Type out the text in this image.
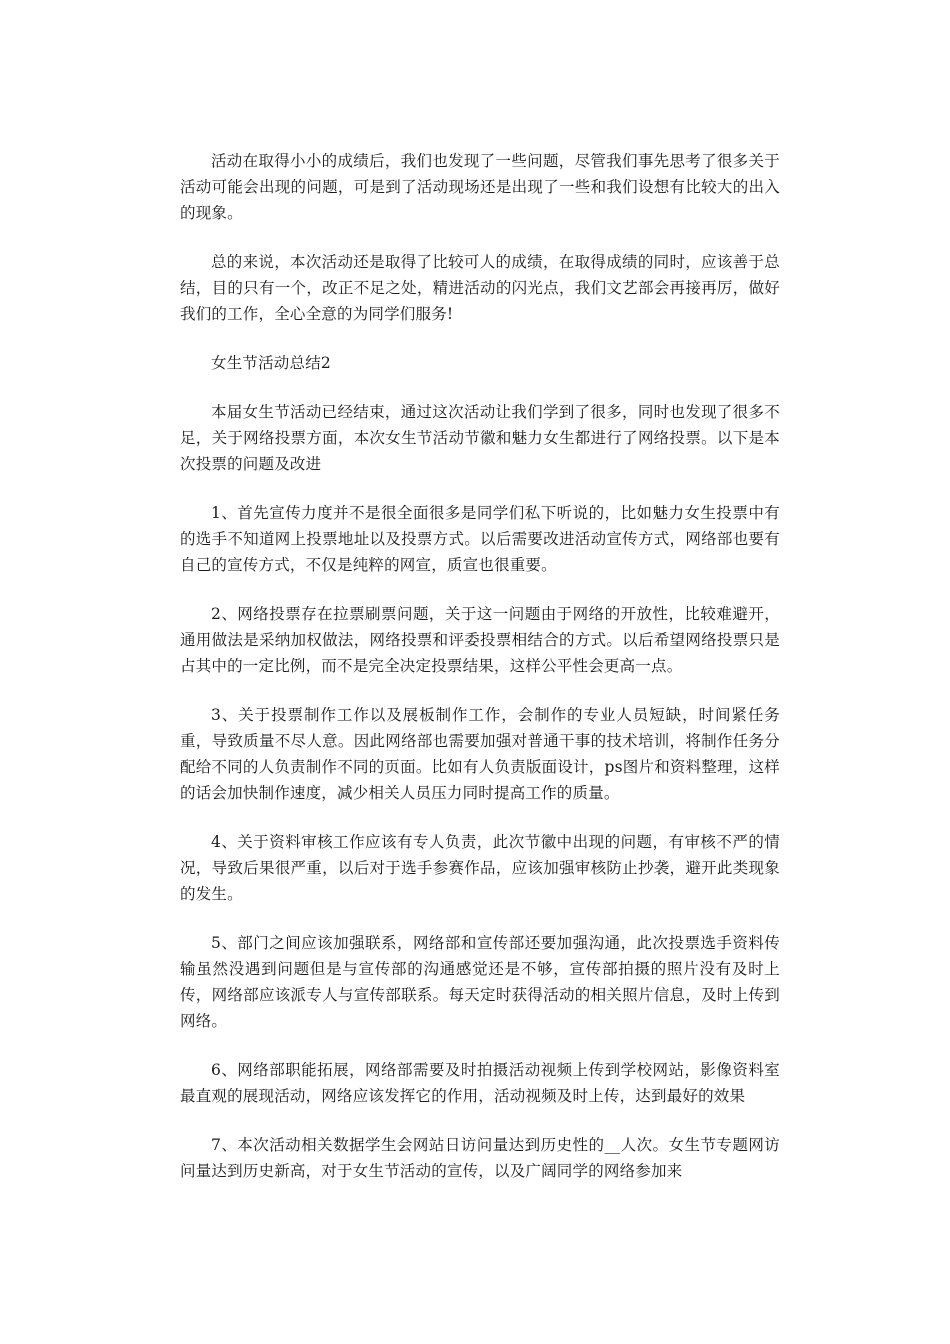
活动在取得小小的成绩后，我们也发现了一些问题，尽管我们事先思考了很多关于活动可能会出现的问题，可是到了活动现场还是出现了一些和我们设想有比较大的出入的现象。

总的来说，本次活动还是取得了比较可人的成绩，在取得成绩的同时，应该善于总结，目的只有一个，改正不足之处，精进活动的闪光点，我们文艺部会再接再厉，做好我们的工作，全心全意的为同学们服务!

女生节活动总结2

本届女生节活动已经结束，通过这次活动让我们学到了很多，同时也发现了很多不足，关于网络投票方面，本次女生节活动节徽和魅力女生都进行了网络投票。以下是本次投票的问题及改进

1、首先宣传力度并不是很全面很多是同学们私下听说的，比如魅力女生投票中有的选手不知道网上投票地址以及投票方式。以后需要改进活动宣传方式，网络部也要有自己的宣传方式，不仅是纯粹的网宣，质宣也很重要。

2、网络投票存在拉票刷票问题，关于这一问题由于网络的开放性，比较难避开，通用做法是采纳加权做法，网络投票和评委投票相结合的方式。以后希望网络投票只是占其中的一定比例，而不是完全决定投票结果，这样公平性会更高一点。

3、关于投票制作工作以及展板制作工作，会制作的专业人员短缺，时间紧任务重，导致质量不尽人意。因此网络部也需要加强对普通干事的技术培训，将制作任务分配给不同的人负责制作不同的页面。比如有人负责版面设计，ps图片和资料整理，这样的话会加快制作速度，减少相关人员压力同时提高工作的质量。

4、关于资料审核工作应该有专人负责，此次节徽中出现的问题，有审核不严的情况，导致后果很严重，以后对于选手参赛作品，应该加强审核防止抄袭，避开此类现象的发生。

5、部门之间应该加强联系，网络部和宣传部还要加强沟通，此次投票选手资料传输虽然没遇到问题但是与宣传部的沟通感觉还是不够，宣传部拍摄的照片没有及时上传，网络部应该派专人与宣传部联系。每天定时获得活动的相关照片信息，及时上传到网络。

6、网络部职能拓展，网络部需要及时拍摄活动视频上传到学校网站，影像资料室最直观的展现活动，网络应该发挥它的作用，活动视频及时上传，达到最好的效果

7、本次活动相关数据学生会网站日访问量达到历史性的__人次。女生节专题网访问量达到历史新高，对于女生节活动的宣传，以及广阔同学的网络参加来
